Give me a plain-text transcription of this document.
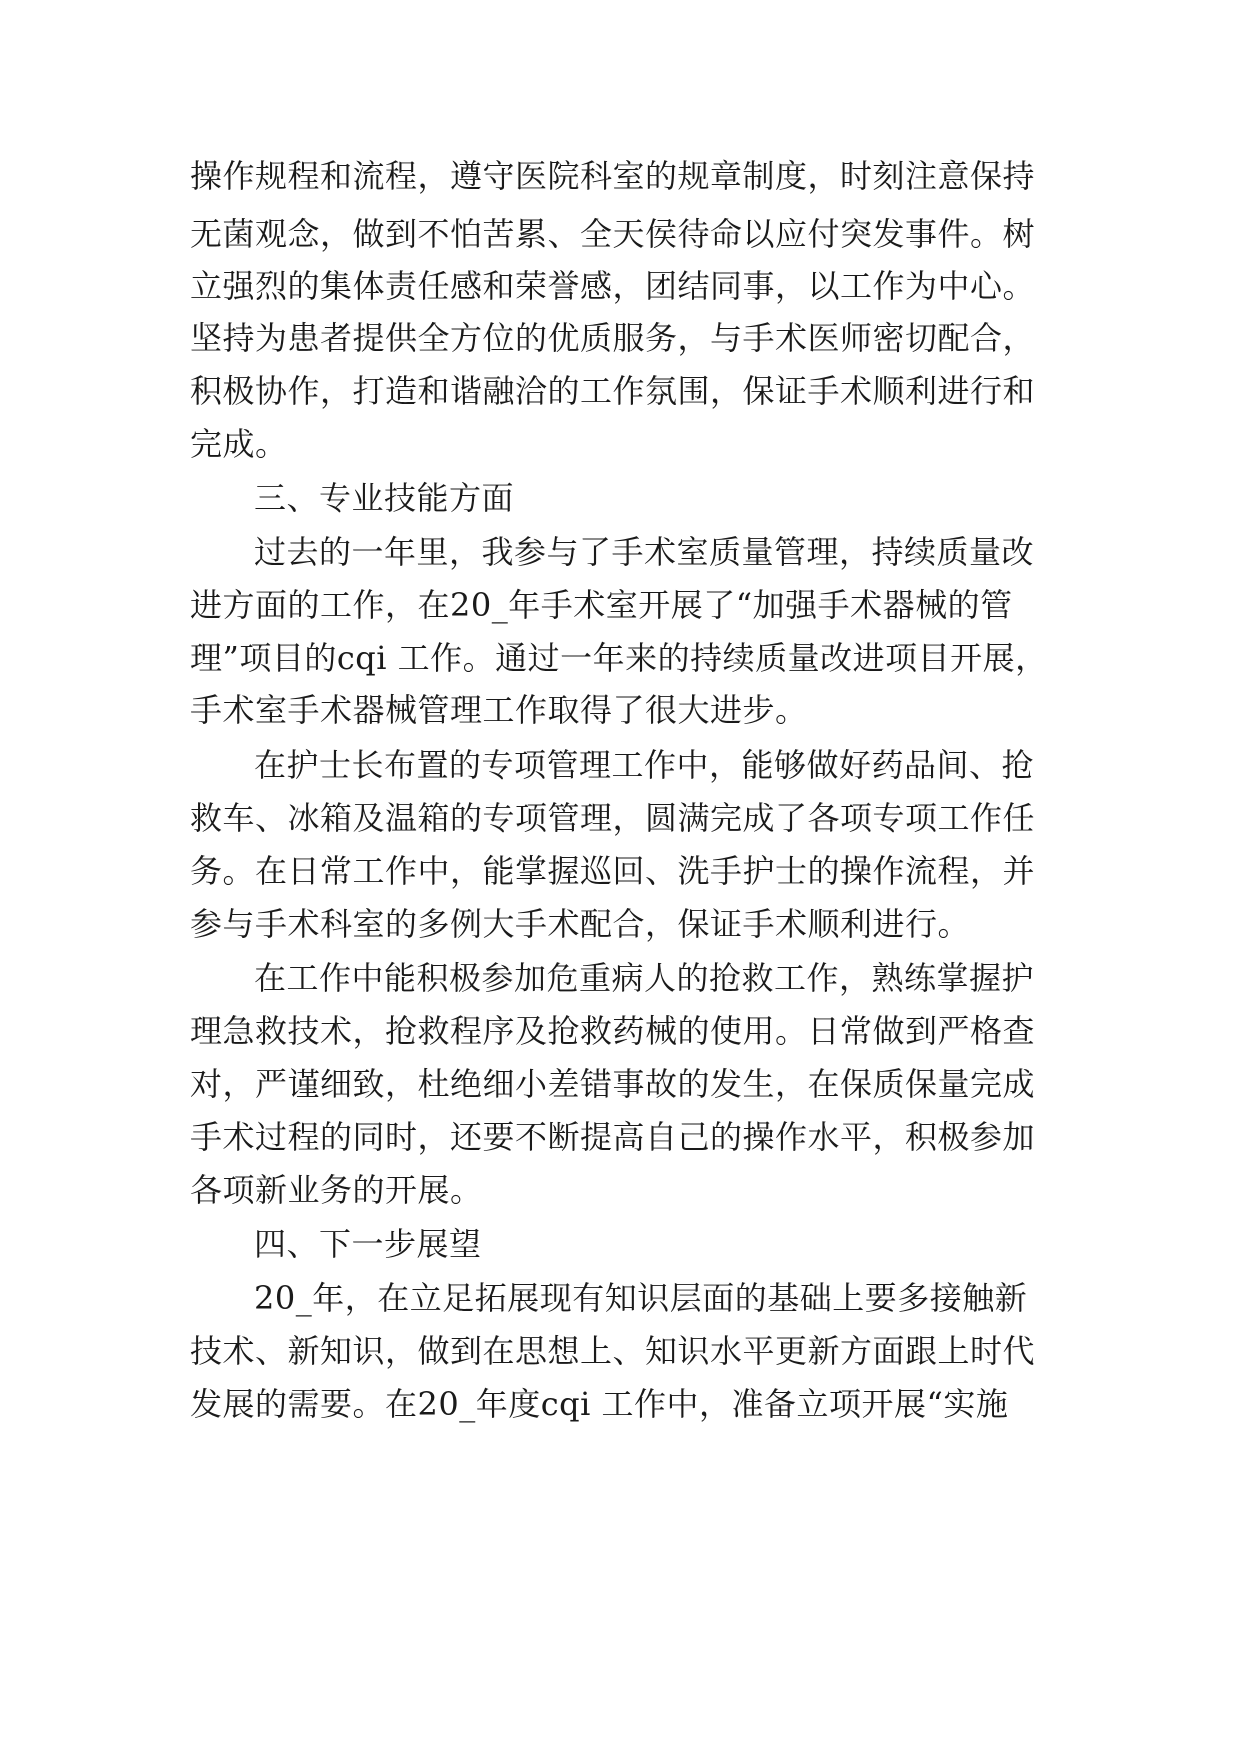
操作规程和流程，遵守医院科室的规章制度，时刻注意保持
无菌观念，做到不怕苦累、全天侯待命以应付突发事件。树
立强烈的集体责任感和荣誉感，团结同事，以工作为中心。
坚持为患者提供全方位的优质服务，与手术医师密切配合，
积极协作，打造和谐融洽的工作氛围，保证手术顺利进行和
完成。
三、专业技能方面
过去的一年里，我参与了手术室质量管理，持续质量改
进方面的工作，在20_年手术室开展了“加强手术器械的管
理”项目的cqi 工作。通过一年来的持续质量改进项目开展，
手术室手术器械管理工作取得了很大进步。
在护士长布置的专项管理工作中，能够做好药品间、抢
救车、冰箱及温箱的专项管理，圆满完成了各项专项工作任
务。在日常工作中，能掌握巡回、洗手护士的操作流程，并
参与手术科室的多例大手术配合，保证手术顺利进行。
在工作中能积极参加危重病人的抢救工作，熟练掌握护
理急救技术，抢救程序及抢救药械的使用。日常做到严格查
对，严谨细致，杜绝细小差错事故的发生，在保质保量完成
手术过程的同时，还要不断提高自己的操作水平，积极参加
各项新业务的开展。
四、下一步展望
20_年，在立足拓展现有知识层面的基础上要多接触新
技术、新知识，做到在思想上、知识水平更新方面跟上时代
发展的需要。在20_年度cqi 工作中，准备立项开展“实施
